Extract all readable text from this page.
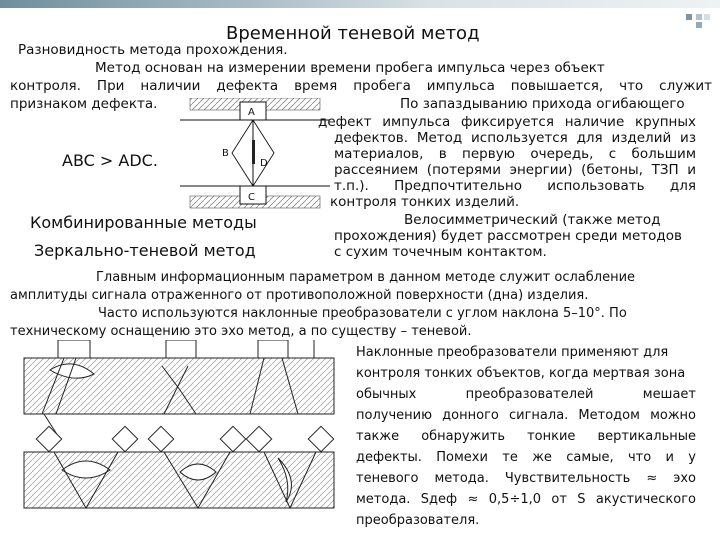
Временной теневой метод
Разновидность метода прохождения.
Метод основан на измерении времени пробега импульса через объект
контроля. При наличии дефекта время пробега импульса повышается, что служит
признаком дефекта.	По запаздыванию прихода огибающего
дефект импульса фиксируется наличие крупных
дефектов. Метод используется для изделий из
материалов, в первую очередь, с большим
рассеянием (потерями энергии) (бетоны, ТЗП и
т.п.). Предпочтительно использовать для
контроля тонких изделий.
Велосимметрический (также метод
прохождения) будет рассмотрен среди методов
с сухим точечным контактом.
ABC > ADC.
Комбинированные методы
Зеркально-теневой метод
A
B
C
D
Главным информационным параметром в данном методе служит ослабление
амплитуды сигнала отраженного от противоположной поверхности (дна) изделия.
Часто используются наклонные преобразователи с углом наклона 5–10°. По
техническому оснащению это эхо метод, а по существу – теневой.
Наклонные преобразователи применяют для
контроля тонких объектов, когда мертвая зона
обычных преобразователей мешает
получению донного сигнала. Методом можно
также обнаружить тонкие вертикальные
дефекты. Помехи те же самые, что и у
теневого метода. Чувствительность ≈ эхо
метода. Sдеф ≈ 0,5÷1,0 от S акустического
преобразователя.
